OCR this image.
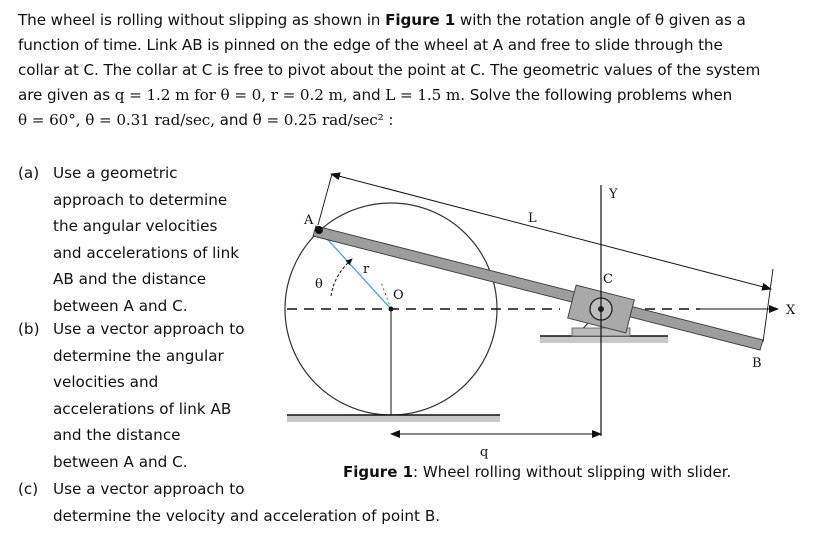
The wheel is rolling without slipping as shown in Figure 1 with the rotation angle of θ given as a
function of time. Link AB is pinned on the edge of the wheel at A and free to slide through the
collar at C. The collar at C is free to pivot about the point at C. The geometric values of the system
are given as q = 1.2 m for θ = 0, r = 0.2 m, and L = 1.5 m. Solve the following problems when
θ = 60°, θ̇ = 0.31 rad/sec, and θ̈ = 0.25 rad/sec² :
(a) Use a geometric
approach to determine
the angular velocities
and accelerations of link
AB and the distance
between A and C.
(b) Use a vector approach to
determine the angular
velocities and
accelerations of link AB
and the distance
between A and C.
(c) Use a vector approach to
determine the velocity and acceleration of point B.
A	L
Y
C
X
B
O
r
θ
q
Figure 1: Wheel rolling without slipping with slider.
